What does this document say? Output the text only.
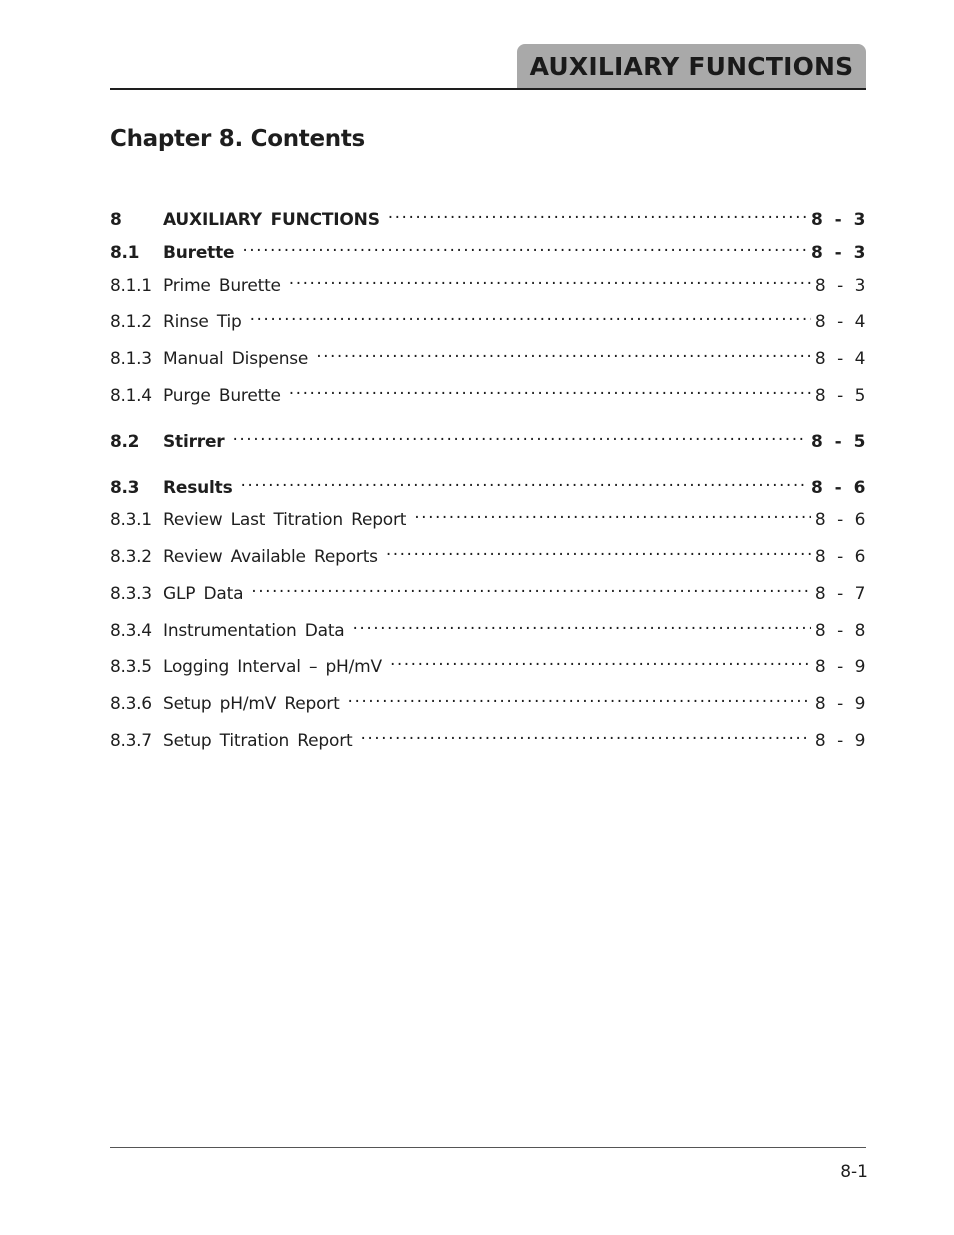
AUXILIARY FUNCTIONS
Chapter 8. Contents
8	AUXILIARY FUNCTIONS .....	8 - 3
8.1	Burette .....	8 - 3
8.1.1 Prime Burette .....	8 - 3
8.1.2 Rinse Tip .....	8 - 4
8.1.3 Manual Dispense .....	8 - 4
8.1.4 Purge Burette .....	8 - 5
8.2	Stirrer .....	8 - 5
8.3	Results .....	8 - 6
8.3.1 Review Last Titration Report .....	8 - 6
8.3.2 Review Available Reports .....	8 - 6
8.3.3 GLP Data .....	8 - 7
8.3.4 Instrumentation Data .....	8 - 8
8.3.5 Logging Interval – pH/mV .....	8 - 9
8.3.6 Setup pH/mV Report .....	8 - 9
8.3.7 Setup Titration Report .....	8 - 9
8-1
